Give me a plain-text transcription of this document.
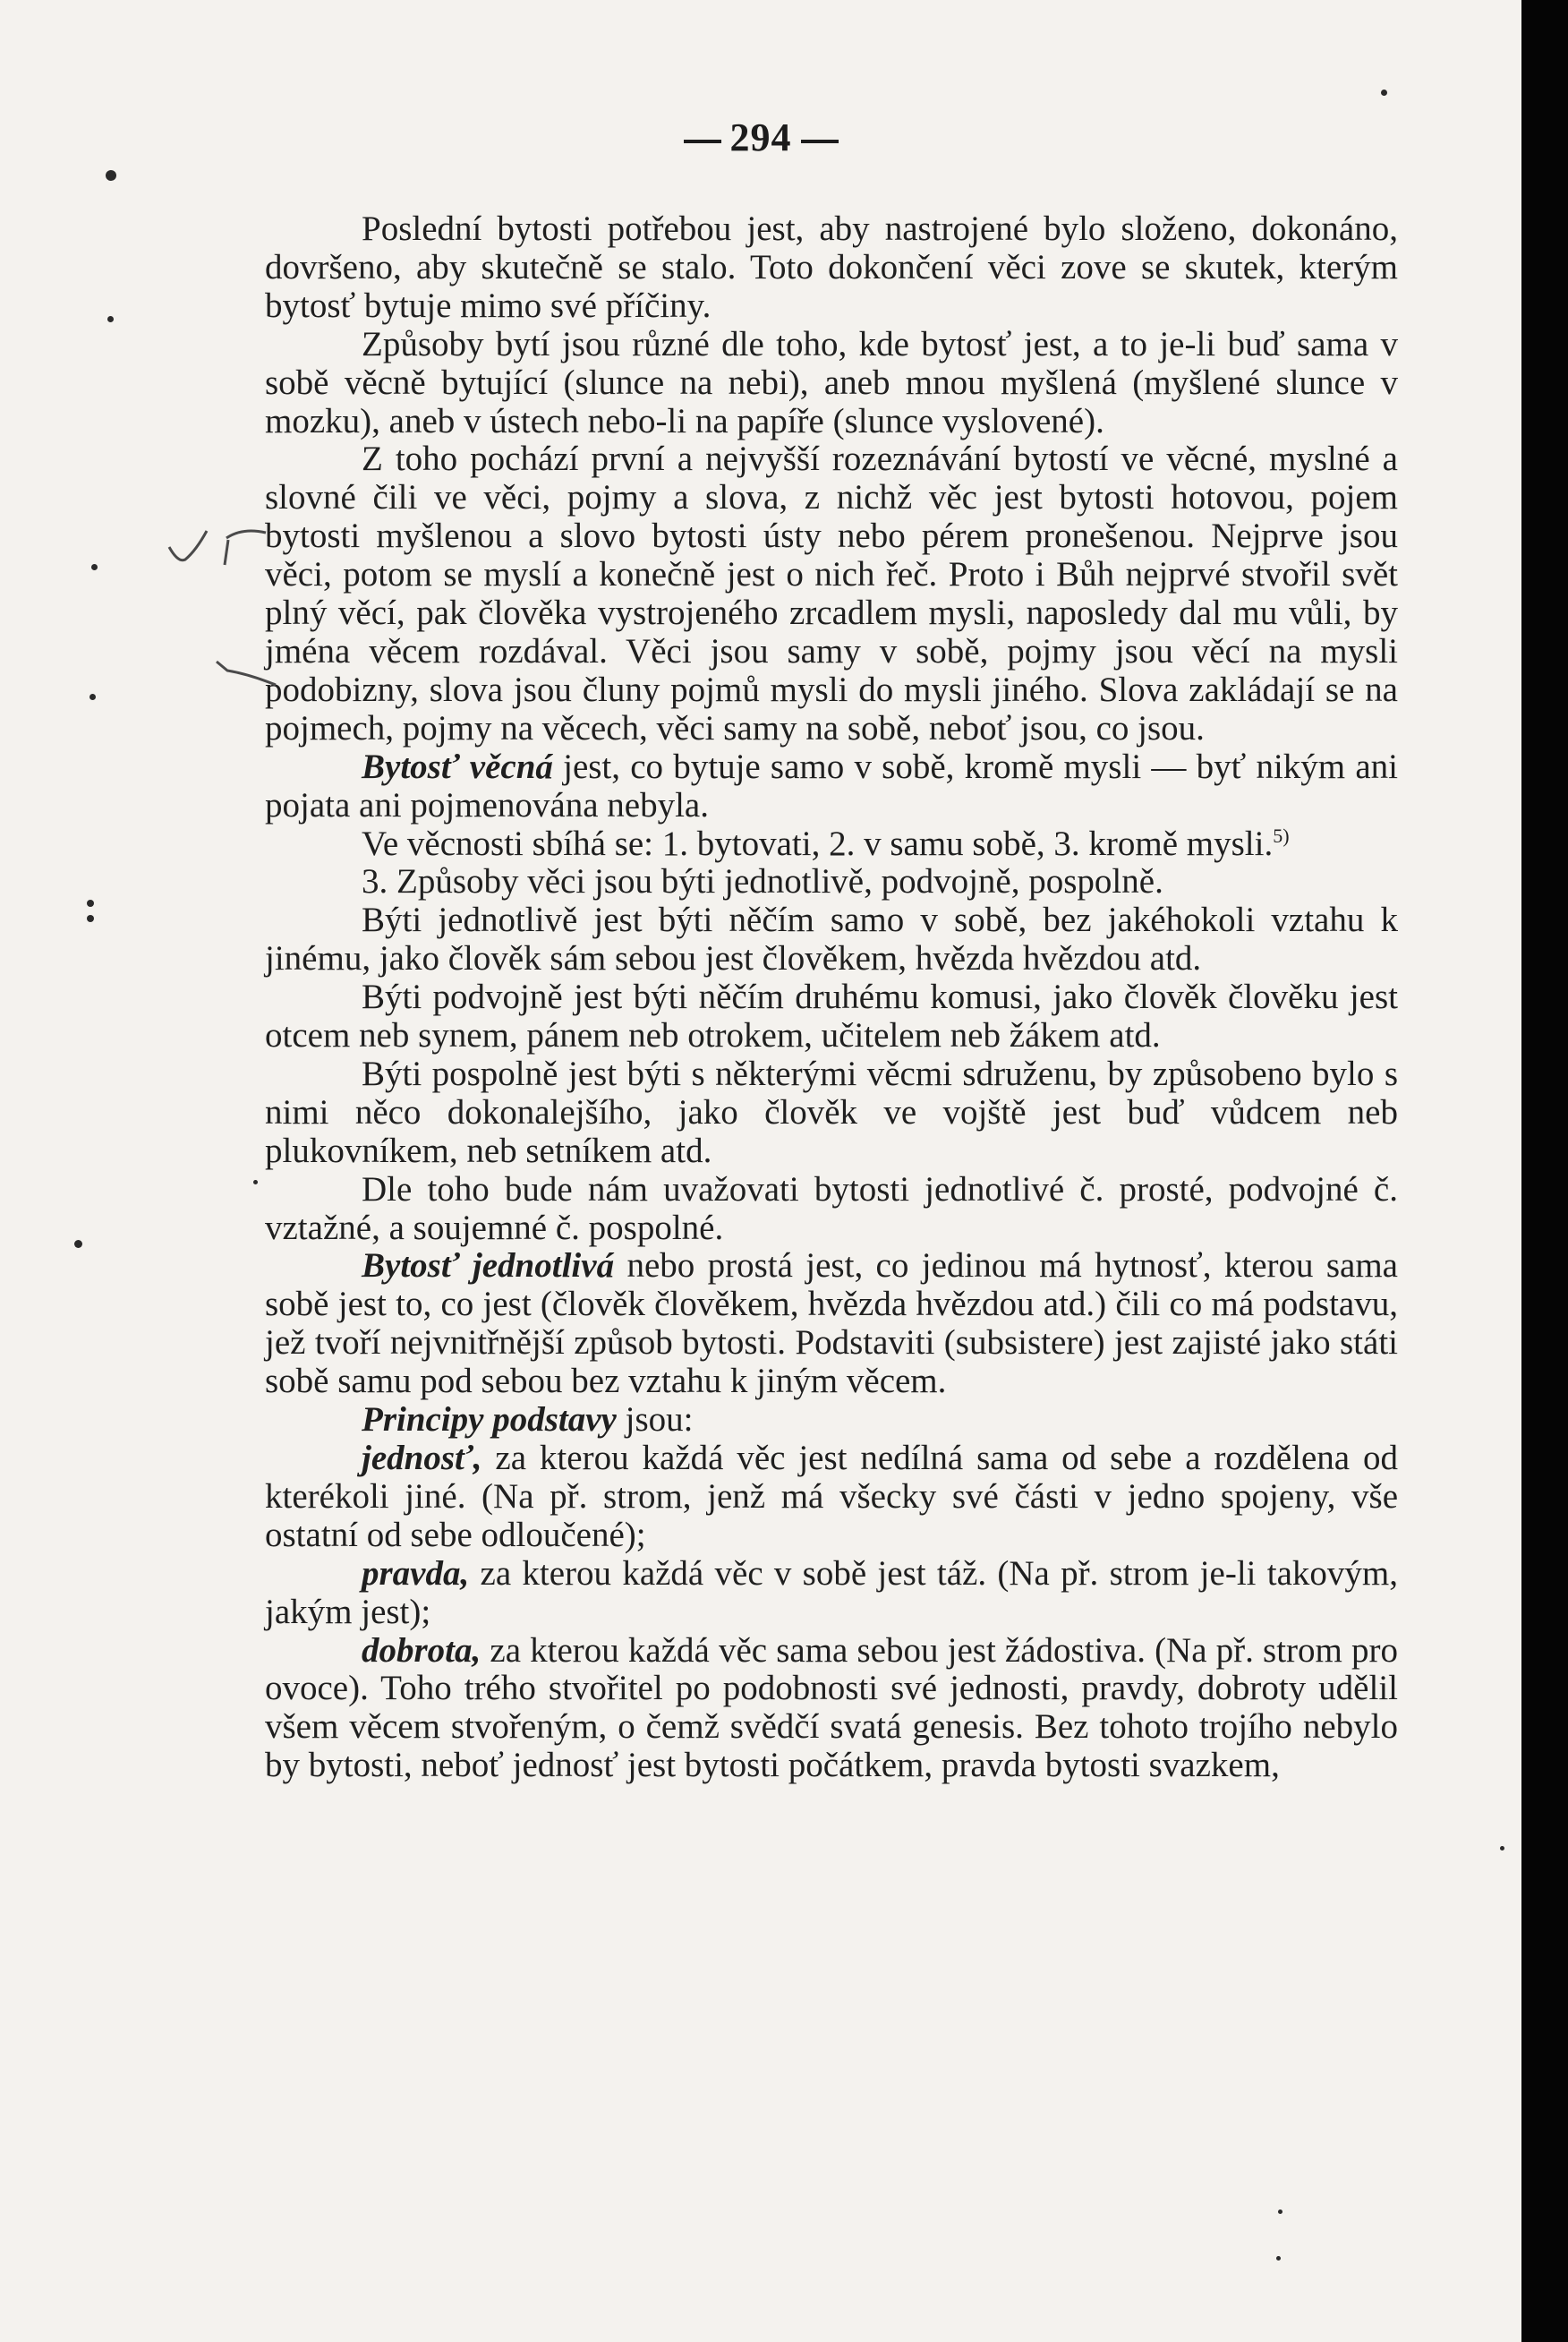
294

Poslední bytosti potřebou jest, aby nastrojené bylo složeno, dokonáno, dovršeno, aby skutečně se stalo. Toto dokončení věci zove se skutek, kterým bytosť bytuje mimo své příčiny.

Způsoby bytí jsou různé dle toho, kde bytosť jest, a to je-li buď sama v sobě věcně bytující (slunce na nebi), aneb mnou myšlená (myšlené slunce v mozku), aneb v ústech nebo-li na papíře (slunce vyslovené).

Z toho pochází první a nejvyšší rozeznávání bytostí ve věcné, myslné a slovné čili ve věci, pojmy a slova, z nichž věc jest bytosti hotovou, pojem bytosti myšlenou a slovo bytosti ústy nebo pérem pronešenou. Nejprve jsou věci, potom se myslí a konečně jest o nich řeč. Proto i Bůh nejprvé stvořil svět plný věcí, pak člověka vystrojeného zrcadlem mysli, naposledy dal mu vůli, by jména věcem rozdával. Věci jsou samy v sobě, pojmy jsou věcí na mysli podobizny, slova jsou čluny pojmů mysli do mysli jiného. Slova zakládají se na pojmech, pojmy na věcech, věci samy na sobě, neboť jsou, co jsou.

Bytosť věcná jest, co bytuje samo v sobě, kromě mysli — byť nikým ani pojata ani pojmenována nebyla.

Ve věcnosti sbíhá se: 1. bytovati, 2. v samu sobě, 3. kromě mysli.$^{5)}$

3. Způsoby věci jsou býti jednotlivě, podvojně, pospolně.

Býti jednotlivě jest býti něčím samo v sobě, bez jakéhokoli vztahu k jinému, jako člověk sám sebou jest člověkem, hvězda hvězdou atd.

Býti podvojně jest býti něčím druhému komusi, jako člověk člověku jest otcem neb synem, pánem neb otrokem, učitelem neb žákem atd.

Býti pospolně jest býti s některými věcmi sdruženu, by způsobeno bylo s nimi něco dokonalejšího, jako člověk ve vojště jest buď vůdcem neb plukovníkem, neb setníkem atd.

Dle toho bude nám uvažovati bytosti jednotlivé č. prosté, podvojné č. vztažné, a soujemné č. pospolné.

Bytosť jednotlivá nebo prostá jest, co jedinou má hytnosť, kterou sama sobě jest to, co jest (člověk člověkem, hvězda hvězdou atd.) čili co má podstavu, jež tvoří nejvnitřnější způsob bytosti. Podstaviti (subsistere) jest zajisté jako státi sobě samu pod sebou bez vztahu k jiným věcem.

Principy podstavy jsou:

jednosť, za kterou každá věc jest nedílná sama od sebe a rozdělena od kterékoli jiné. (Na př. strom, jenž má všecky své části v jedno spojeny, vše ostatní od sebe odloučené);

pravda, za kterou každá věc v sobě jest táž. (Na př. strom je-li takovým, jakým jest);

dobrota, za kterou každá věc sama sebou jest žádostiva. (Na př. strom pro ovoce). Toho trého stvořitel po podobnosti své jednosti, pravdy, dobroty udělil všem věcem stvořeným, o čemž svědčí svatá genesis. Bez tohoto trojího nebylo by bytosti, neboť jednosť jest bytosti počátkem, pravda bytosti svazkem,
